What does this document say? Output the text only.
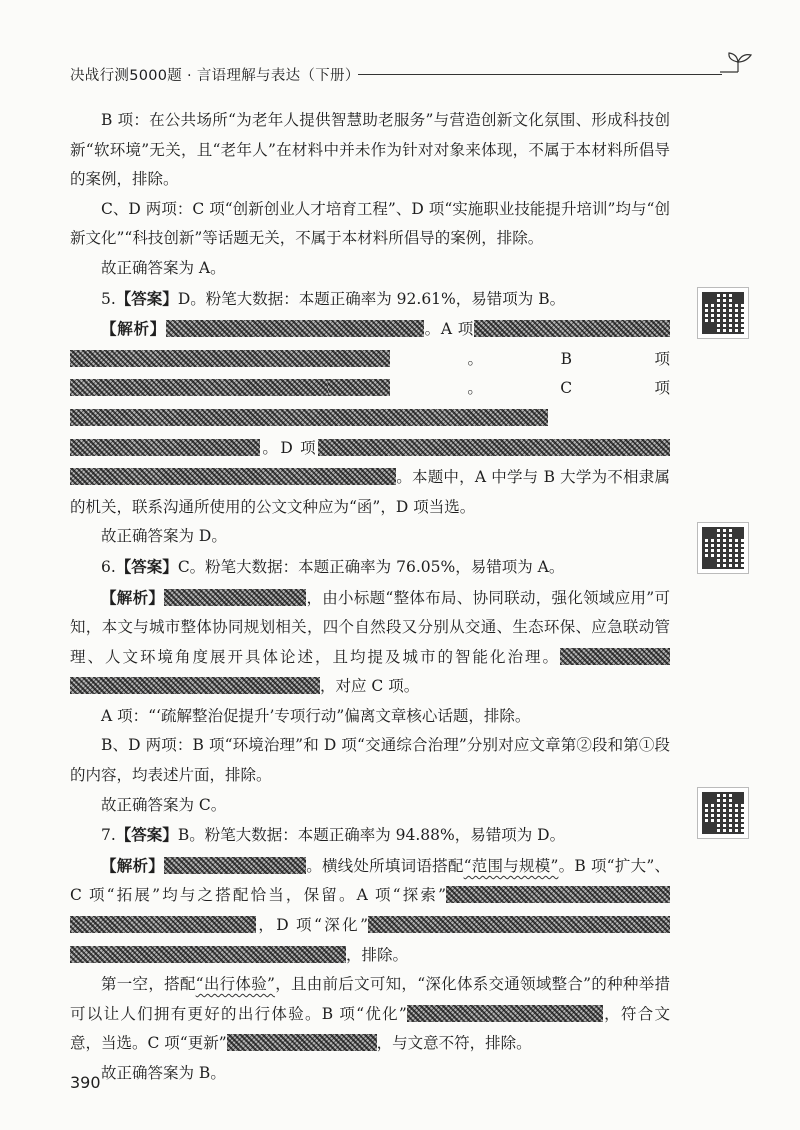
决战行测5000题 · 言语理解与表达（下册）

B 项：在公共场所“为老年人提供智慧助老服务”与营造创新文化氛围、形成科技创新“软环境”无关，且“老年人”在材料中并未作为针对对象来体现，不属于本材料所倡导的案例，排除。

C、D 两项：C 项“创新创业人才培育工程”、D 项“实施职业技能提升培训”均与“创新文化”“科技创新”等话题无关，不属于本材料所倡导的案例，排除。

故正确答案为 A。

5.【答案】D。粉笔大数据：本题正确率为 92.61%，易错项为 B。

【解析】	。A 项。B 项。C 项。D 项。本题中，A 中学与 B 大学为不相隶属的机关，联系沟通所使用的公文文种应为“函”，D 项当选。

故正确答案为 D。

6.【答案】C。粉笔大数据：本题正确率为 76.05%，易错项为 A。

【解析】	，由小标题“整体布局、协同联动，强化领域应用”可知，本文与城市整体协同规划相关，四个自然段又分别从交通、生态环保、应急联动管理、人文环境角度展开具体论述，且均提及城市的智能化治理。，对应 C 项。

A 项：“‘疏解整治促提升’专项行动”偏离文章核心话题，排除。

B、D 两项：B 项“环境治理”和 D 项“交通综合治理”分别对应文章第②段和第①段的内容，均表述片面，排除。

故正确答案为 C。

7.【答案】B。粉笔大数据：本题正确率为 94.88%，易错项为 D。

【解析】	。横线处所填词语搭配“范围与规模”。B 项“扩大”、C 项“拓展”均与之搭配恰当，保留。A 项“探索”，D 项“深化”，排除。

第一空，搭配“出行体验”，且由前后文可知，“深化体系交通领域整合”的种种举措可以让人们拥有更好的出行体验。B 项“优化”	，符合文意，当选。C 项“更新”	，与文意不符，排除。

故正确答案为 B。

390
